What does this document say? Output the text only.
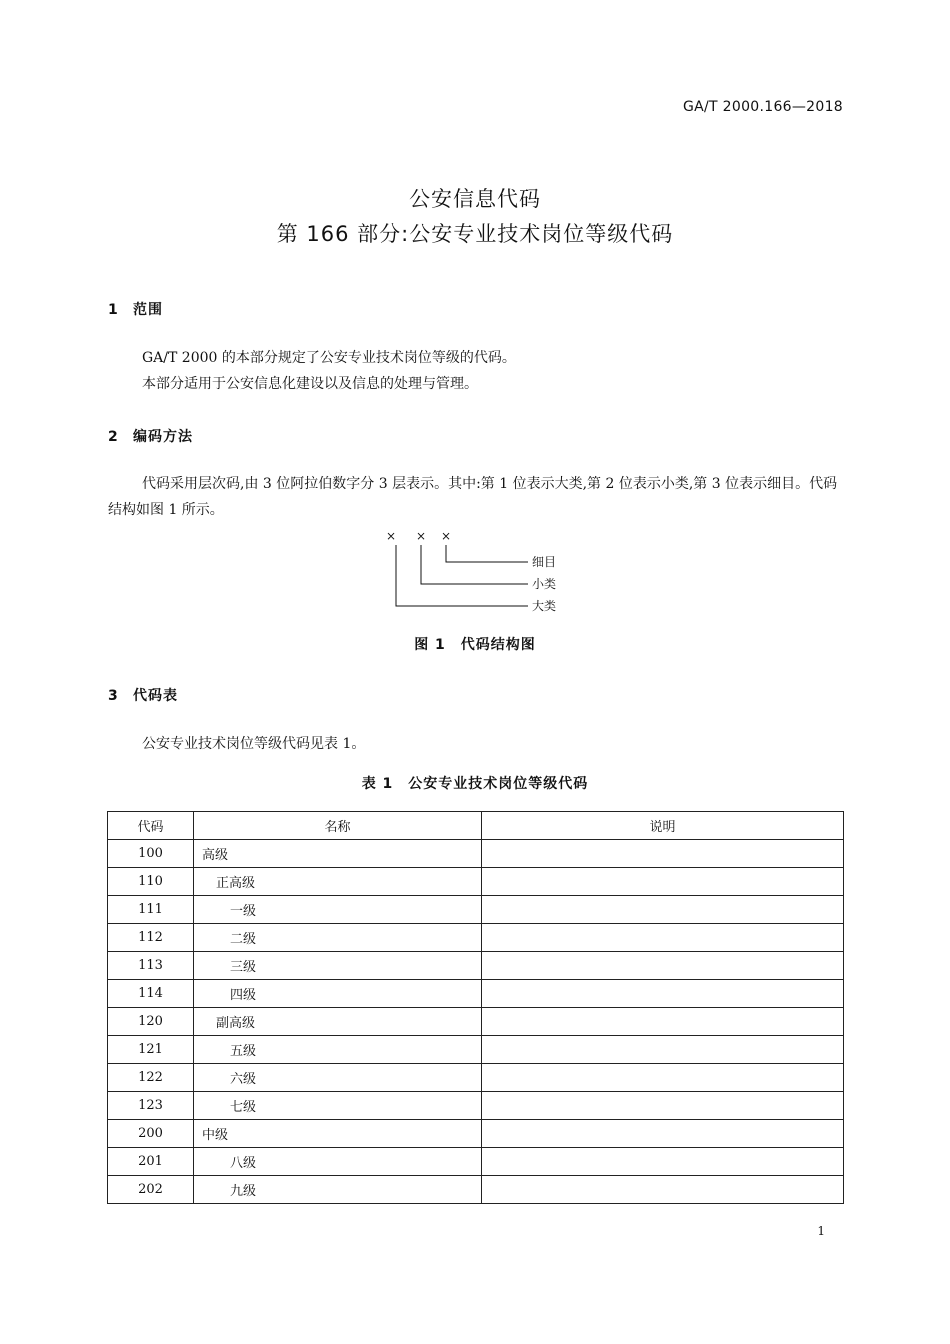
GA/T 2000.166—2018
公安信息代码
第 166 部分:公安专业技术岗位等级代码
1 范围
GA/T 2000 的本部分规定了公安专业技术岗位等级的代码。
本部分适用于公安信息化建设以及信息的处理与管理。
2 编码方法
代码采用层次码,由 3 位阿拉伯数字分 3 层表示。其中:第 1 位表示大类,第 2 位表示小类,第 3 位表示细目。代码结构如图 1 所示。
× × ×
细目
小类
大类
图 1　代码结构图
3 代码表
公安专业技术岗位等级代码见表 1。
表 1　公安专业技术岗位等级代码
代码	名称	说明
100	高级	
110	正高级	
111	一级	
112	二级	
113	三级	
114	四级	
120	副高级	
121	五级	
122	六级	
123	七级	
200	中级	
201	八级	
202	九级	
1
